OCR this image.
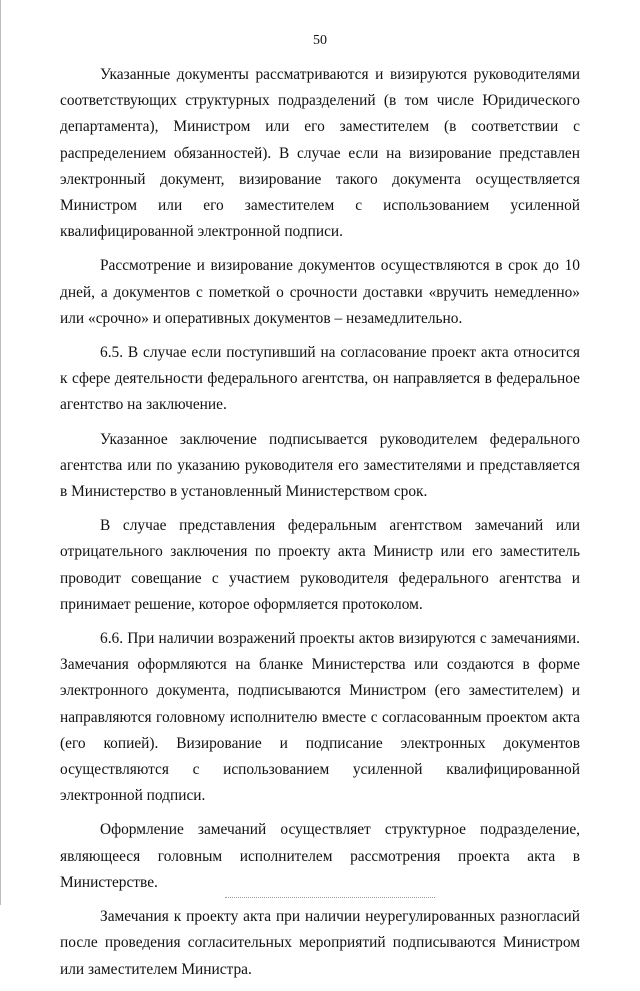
50

Указанные документы рассматриваются и визируются руководителями соответствующих структурных подразделений (в том числе Юридического департамента), Министром или его заместителем (в соответствии с распределением обязанностей). В случае если на визирование представлен электронный документ, визирование такого документа осуществляется Министром или его заместителем с использованием усиленной квалифицированной электронной подписи.

Рассмотрение и визирование документов осуществляются в срок до 10 дней, а документов с пометкой о срочности доставки «вручить немедленно» или «срочно» и оперативных документов – незамедлительно.

6.5. В случае если поступивший на согласование проект акта относится к сфере деятельности федерального агентства, он направляется в федеральное агентство на заключение.

Указанное заключение подписывается руководителем федерального агентства или по указанию руководителя его заместителями и представляется в Министерство в установленный Министерством срок.

В случае представления федеральным агентством замечаний или отрицательного заключения по проекту акта Министр или его заместитель проводит совещание с участием руководителя федерального агентства и принимает решение, которое оформляется протоколом.

6.6. При наличии возражений проекты актов визируются с замечаниями. Замечания оформляются на бланке Министерства или создаются в форме электронного документа, подписываются Министром (его заместителем) и направляются головному исполнителю вместе с согласованным проектом акта (его копией). Визирование и подписание электронных документов осуществляются с использованием усиленной квалифицированной электронной подписи.

Оформление замечаний осуществляет структурное подразделение, являющееся головным исполнителем рассмотрения проекта акта в Министерстве.

Замечания к проекту акта при наличии неурегулированных разногласий после проведения согласительных мероприятий подписываются Министром или заместителем Министра.
